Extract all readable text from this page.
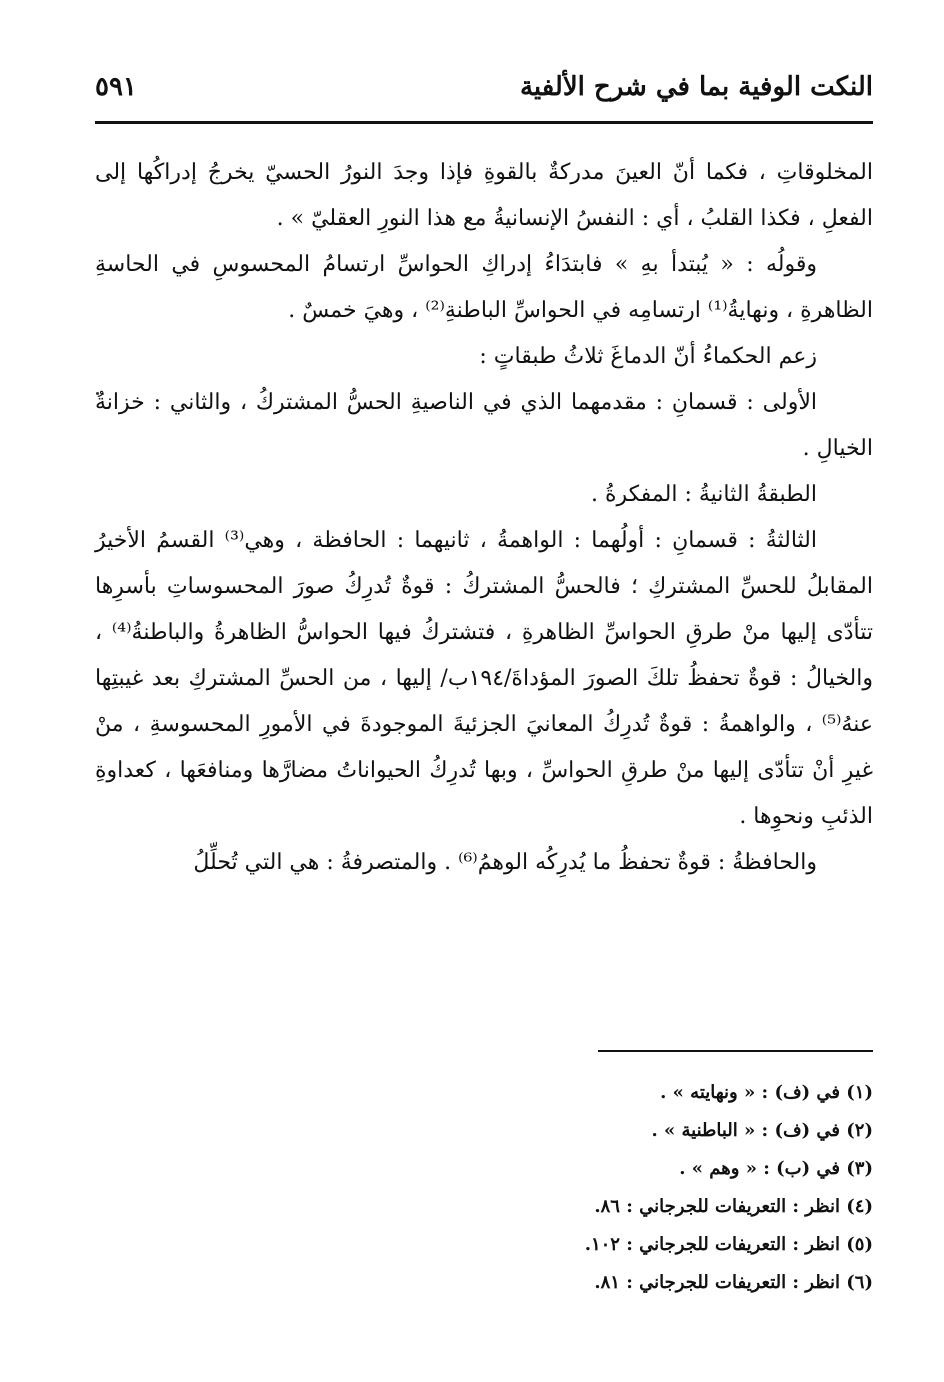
النكت الوفية بما في شرح الألفية
٥٩١

المخلوقاتِ ، فكما أنّ العينَ مدركةٌ بالقوةِ فإذا وجدَ النورُ الحسيّ يخرجُ إدراكُها إلى الفعلِ ، فكذا القلبُ ، أي : النفسُ الإنسانيةُ مع هذا النورِ العقليّ » .

وقولُه : « يُبتدأ بهِ » فابتدَاءُ إدراكِ الحواسِّ ارتسامُ المحسوسِ في الحاسةِ الظاهرةِ ، ونهايةُ⁽¹⁾ ارتسامِه في الحواسِّ الباطنةِ⁽²⁾ ، وهيَ خمسٌ .

زعم الحكماءُ أنّ الدماغَ ثلاثُ طبقاتٍ :

الأولى : قسمانِ : مقدمهما الذي في الناصيةِ الحسُّ المشتركُ ، والثاني : خزانةُ الخيالِ .

الطبقةُ الثانيةُ : المفكرةُ .

الثالثةُ : قسمانِ : أولُهما : الواهمةُ ، ثانيهما : الحافظة ، وهي⁽³⁾ القسمُ الأخيرُ المقابلُ للحسِّ المشتركِ ؛ فالحسُّ المشتركُ : قوةٌ تُدرِكُ صورَ المحسوساتِ بأسرِها تتأدّى إليها منْ طرقِ الحواسِّ الظاهرةِ ، فتشتركُ فيها الحواسُّ الظاهرةُ والباطنةُ⁽⁴⁾ ، والخيالُ : قوةٌ تحفظُ تلكَ الصورَ المؤداةَ/١٩٤ب/ إليها ، من الحسِّ المشتركِ بعد غيبتِها عنهُ⁽⁵⁾ ، والواهمةُ : قوةٌ تُدرِكُ المعانيَ الجزئيةَ الموجودةَ في الأمورِ المحسوسةِ ، منْ غيرِ أنْ تتأدّى إليها منْ طرقِ الحواسِّ ، وبها تُدرِكُ الحيواناتُ مضارَّها ومنافعَها ، كعداوةِ الذئبِ ونحوِها .

والحافظةُ : قوةٌ تحفظُ ما يُدرِكُه الوهمُ⁽⁶⁾ . والمتصرفةُ : هي التي تُحلِّلُ

(١) في (ف) : « ونهايته » .
(٢) في (ف) : « الباطنية » .
(٣) في (ب) : « وهم » .
(٤) انظر : التعريفات للجرجاني : ٨٦.
(٥) انظر : التعريفات للجرجاني : ١٠٢.
(٦) انظر : التعريفات للجرجاني : ٨١.
